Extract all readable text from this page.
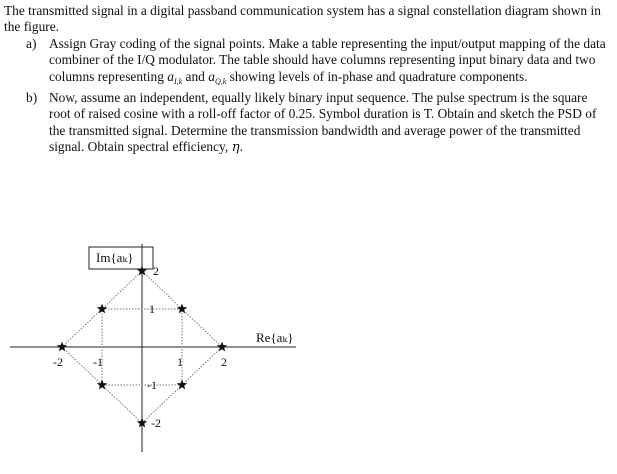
The transmitted signal in a digital passband communication system has a signal constellation diagram shown in the figure.

a) Assign Gray coding of the signal points. Make a table representing the input/output mapping of the data combiner of the I/Q modulator. The table should have columns representing input binary data and two columns representing $a_{I,k}$ and $a_{Q,k}$ showing levels of in-phase and quadrature components.

b) Now, assume an independent, equally likely binary input sequence. The pulse spectrum is the square root of raised cosine with a roll-off factor of 0.25. Symbol duration is T. Obtain and sketch the PSD of the transmitted signal. Determine the transmission bandwidth and average power of the transmitted signal. Obtain spectral efficiency, η.

Im{aₖ}
Re{aₖ}
-2	-1	1	2
2
1
-1
-2
